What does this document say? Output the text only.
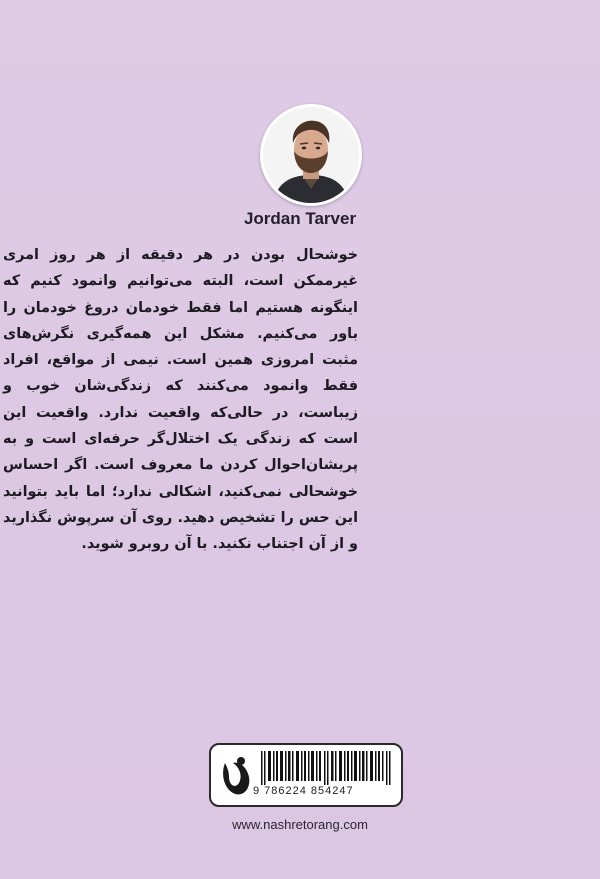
Jordan Tarver
خوشحال بودن در هر دقیقه از هر روز امری غیرممکن است، البته می‌توانیم وانمود کنیم که اینگونه هستیم اما فقط خودمان دروغ خودمان را باور می‌کنیم. مشکل این همه‌گیری نگرش‌های مثبت امروزی همین است. نیمی از مواقع، افراد فقط وانمود می‌کنند که زندگی‌شان خوب و زیباست، در حالی‌که واقعیت ندارد. واقعیت این است که زندگی یک اختلال‌گر حرفه‌ای است و به پریشان‌احوال کردن ما معروف است. اگر احساس خوشحالی نمی‌کنید، اشکالی ندارد؛ اما باید بتوانید این حس را تشخیص دهید. روی آن سرپوش نگذارید و از آن اجتناب نکنید. با آن روبرو شوید.
9 786224 854247
www.nashretorang.com
